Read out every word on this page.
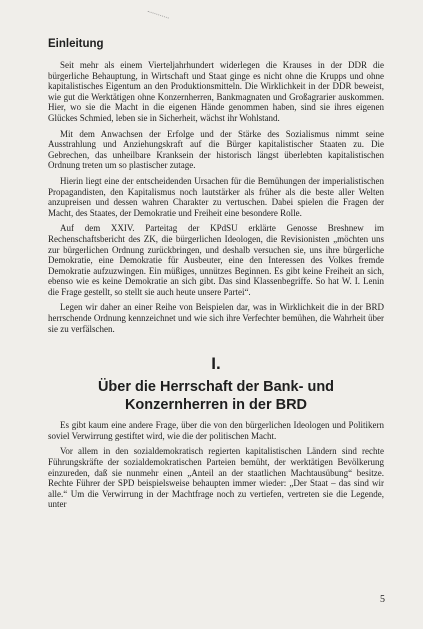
Einleitung

Seit mehr als einem Vierteljahrhundert widerlegen die Krauses in der DDR die bürgerliche Behauptung, in Wirtschaft und Staat ginge es nicht ohne die Krupps und ohne kapitalistisches Eigentum an den Produktionsmitteln. Die Wirklichkeit in der DDR beweist, wie gut die Werktätigen ohne Konzernherren, Bankmagnaten und Großagrarier auskommen. Hier, wo sie die Macht in die eigenen Hände genommen haben, sind sie ihres eigenen Glückes Schmied, leben sie in Sicherheit, wächst ihr Wohlstand.

Mit dem Anwachsen der Erfolge und der Stärke des Sozialismus nimmt seine Ausstrahlung und Anziehungskraft auf die Bürger kapitalistischer Staaten zu. Die Gebrechen, das unheilbare Kranksein der historisch längst überlebten kapitalistischen Ordnung treten um so plastischer zutage.

Hierin liegt eine der entscheidenden Ursachen für die Bemühungen der imperialistischen Propagandisten, den Kapitalismus noch lautstärker als früher als die beste aller Welten anzupreisen und dessen wahren Charakter zu vertuschen. Dabei spielen die Fragen der Macht, des Staates, der Demokratie und Freiheit eine besondere Rolle.

Auf dem XXIV. Parteitag der KPdSU erklärte Genosse Breshnew im Rechenschaftsbericht des ZK, die bürgerlichen Ideologen, die Revisionisten „möchten uns zur bürgerlichen Ordnung zurückbringen, und deshalb versuchen sie, uns ihre bürgerliche Demokratie, eine Demokratie für Ausbeuter, eine den Interessen des Volkes fremde Demokratie aufzuzwingen. Ein müßiges, unnützes Beginnen. Es gibt keine Freiheit an sich, ebenso wie es keine Demokratie an sich gibt. Das sind Klassenbegriffe. So hat W. I. Lenin die Frage gestellt, so stellt sie auch heute unsere Partei“.

Legen wir daher an einer Reihe von Beispielen dar, was in Wirklichkeit die in der BRD herrschende Ordnung kennzeichnet und wie sich ihre Verfechter bemühen, die Wahrheit über sie zu verfälschen.

I.
Über die Herrschaft der Bank- und Konzernherren in der BRD

Es gibt kaum eine andere Frage, über die von den bürgerlichen Ideologen und Politikern soviel Verwirrung gestiftet wird, wie die der politischen Macht.

Vor allem in den sozialdemokratisch regierten kapitalistischen Ländern sind rechte Führungskräfte der sozialdemokratischen Parteien bemüht, der werktätigen Bevölkerung einzureden, daß sie nunmehr einen „Anteil an der staatlichen Machtausübung“ besitze. Rechte Führer der SPD beispielsweise behaupten immer wieder: „Der Staat – das sind wir alle.“ Um die Verwirrung in der Machtfrage noch zu vertiefen, vertreten sie die Legende, unter

5
